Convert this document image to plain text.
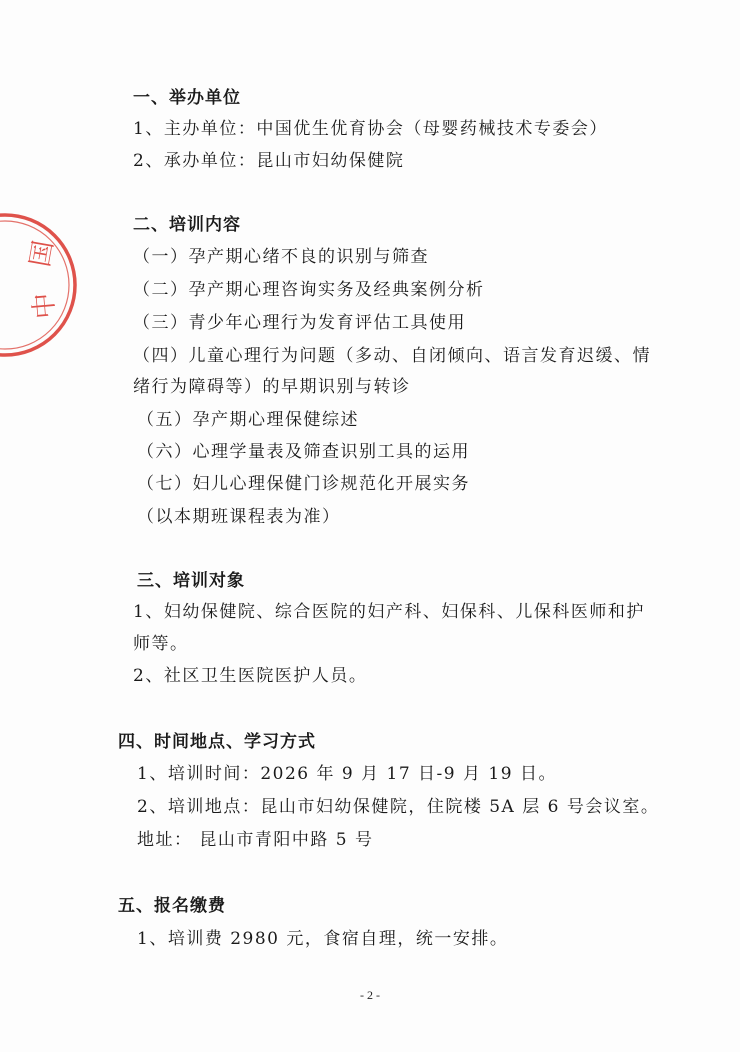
国
中
一、举办单位
1、主办单位：中国优生优育协会（母婴药械技术专委会）
2、承办单位：昆山市妇幼保健院
二、培训内容
（一）孕产期心绪不良的识别与筛查
（二）孕产期心理咨询实务及经典案例分析
（三）青少年心理行为发育评估工具使用
（四）儿童心理行为问题（多动、自闭倾向、语言发育迟缓、情
绪行为障碍等）的早期识别与转诊
（五）孕产期心理保健综述
（六）心理学量表及筛查识别工具的运用
（七）妇儿心理保健门诊规范化开展实务
（以本期班课程表为准）
三、培训对象
1、妇幼保健院、综合医院的妇产科、妇保科、儿保科医师和护
师等。
2、社区卫生医院医护人员。
四、时间地点、学习方式
1、培训时间：2026 年 9 月 17 日-9 月 19 日。
2、培训地点：昆山市妇幼保健院，住院楼 5A 层 6 号会议室。
地址： 昆山市青阳中路 5 号
五、报名缴费
1、培训费 2980 元，食宿自理，统一安排。
- 2 -
